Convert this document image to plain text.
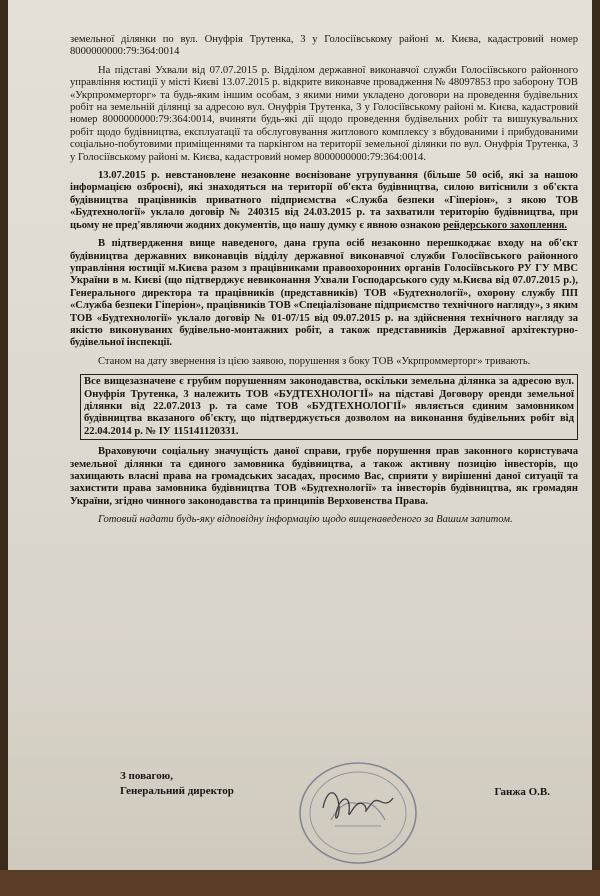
земельної ділянки по вул. Онуфрія Трутенка, 3 у Голосіївському районі м. Києва, кадастровий номер 8000000000:79:364:0014

На підставі Ухвали від 07.07.2015 р. Відділом державної виконавчої служби Голосіївського районного управління юстиції у місті Києві 13.07.2015 р. відкрите виконавче провадження № 48097853 про заборону ТОВ «Укрпроммерторг» та будь-яким іншим особам, з якими ними укладено договори на проведення будівельних робіт на земельній ділянці за адресою вул. Онуфрія Трутенка, 3 у Голосіївському районі м. Києва, кадастровий номер 8000000000:79:364:0014, вчиняти будь-які дії щодо проведення будівельних робіт та вишукувальних робіт щодо будівництва, експлуатації та обслуговування житлового комплексу з вбудованими і прибудованими соціально-побутовими приміщеннями та паркінгом на території земельної ділянки по вул. Онуфрія Трутенка, 3 у Голосіївському районі м. Києва, кадастровий номер 8000000000:79:364:0014.

13.07.2015 р. невстановлене незаконне воєнізоване угрупування (більше 50 осіб, які за нашою інформацією озброєні), які знаходяться на території об'єкта будівництва, силою витіснили з об'єкта будівництва працівників приватного підприємства «Служба безпеки «Гіперіон», з якою ТОВ «Будтехнології» уклало договір № 240315 від 24.03.2015 р. та захватили територію будівництва, при цьому не пред'являючи жодних документів, що нашу думку є явною ознакою рейдерського захоплення.

В підтвердження вище наведеного, дана група осіб незаконно перешкоджає входу на об'єкт будівництва державних виконавців відділу державної виконавчої служби Голосіївського районного управління юстиції м.Києва разом з працівниками правоохоронних органів Голосіївського РУ ГУ МВС України в м. Києві (що підтверджує невиконання Ухвали Господарського суду м.Києва від 07.07.2015 р.), Генерального директора та працівників (представників) ТОВ «Будтехнології», охорону службу ПП «Служба безпеки Гіперіон», працівників ТОВ «Спеціалізоване підприємство технічного нагляду», з яким ТОВ «Будтехнології» уклало договір № 01-07/15 від 09.07.2015 р. на здійснення технічного нагляду за якістю виконуваних будівельно-монтажних робіт, а також представників Державної архітектурно-будівельної інспекції.

Станом на дату звернення із цією заявою, порушення з боку ТОВ «Укрпроммерторг» тривають.

Все вищезазначене є грубим порушенням законодавства, оскільки земельна ділянка за адресою вул. Онуфрія Трутенка, 3 належить ТОВ «БУДТЕХНОЛОГІЇ» на підставі Договору оренди земельної ділянки від 22.07.2013 р. та саме ТОВ «БУДТЕХНОЛОГІЇ» являється єдиним замовником будівництва вказаного об'єкту, що підтверджується дозволом на виконання будівельних робіт від 22.04.2014 р. № ІУ 115141120331.

Враховуючи соціальну значущість даної справи, грубе порушення прав законного користувача земельної ділянки та єдиного замовника будівництва, а також активну позицію інвесторів, що захищають власні права на громадських засадах, просимо Вас, сприяти у вирішенні даної ситуації та захистити права замовника будівництва ТОВ «Будтехнології» та інвесторів будівництва, як громадян України, згідно чинного законодавства та принципів Верховенства Права.

Готовий надати будь-яку відповідну інформацію щодо вищенаведеного за Вашим запитом.

З повагою,
Генеральний директор	Ганжа О.В.
